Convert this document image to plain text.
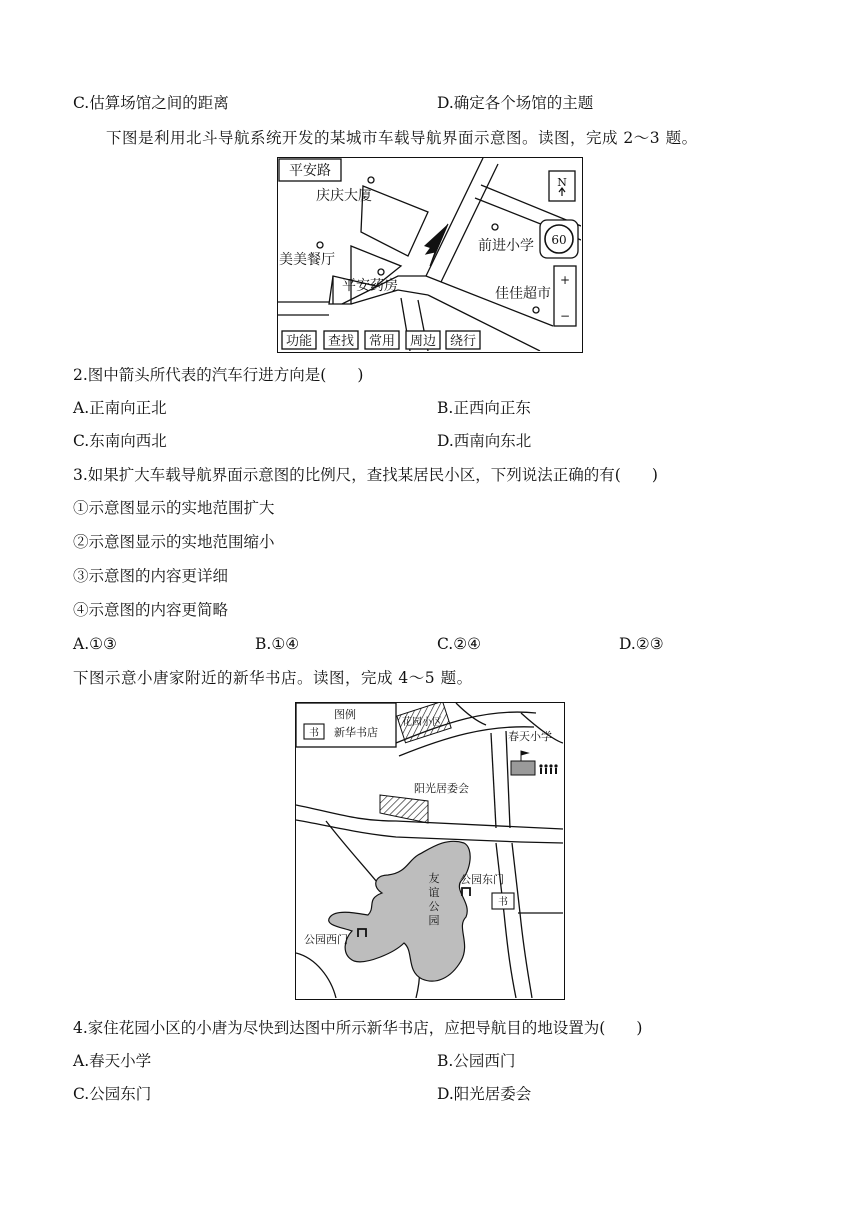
C.估算场馆之间的距离	D.确定各个场馆的主题
下图是利用北斗导航系统开发的某城市车载导航界面示意图。读图，完成 2～3 题。
N
60
+
−
平安路
庆庆大厦
美美餐厅
平安药房
前进小学
佳佳超市
功能 查找 常用 周边 绕行
2.图中箭头所代表的汽车行进方向是(　　)
A.正南向正北	B.正西向正东
C.东南向西北	D.西南向东北
3.如果扩大车载导航界面示意图的比例尺，查找某居民小区，下列说法正确的有(　　)
①示意图显示的实地范围扩大
②示意图显示的实地范围缩小
③示意图的内容更详细
④示意图的内容更简略
A.①③	B.①④	C.②④	D.②③
下图示意小唐家附近的新华书店。读图，完成 4～5 题。
图例
书 新华书店
书
花园小区
春天小学
阳光居委会
公园东门
公园西门
友
谊
公
园
4.家住花园小区的小唐为尽快到达图中所示新华书店，应把导航目的地设置为(　　)
A.春天小学	B.公园西门
C.公园东门	D.阳光居委会
